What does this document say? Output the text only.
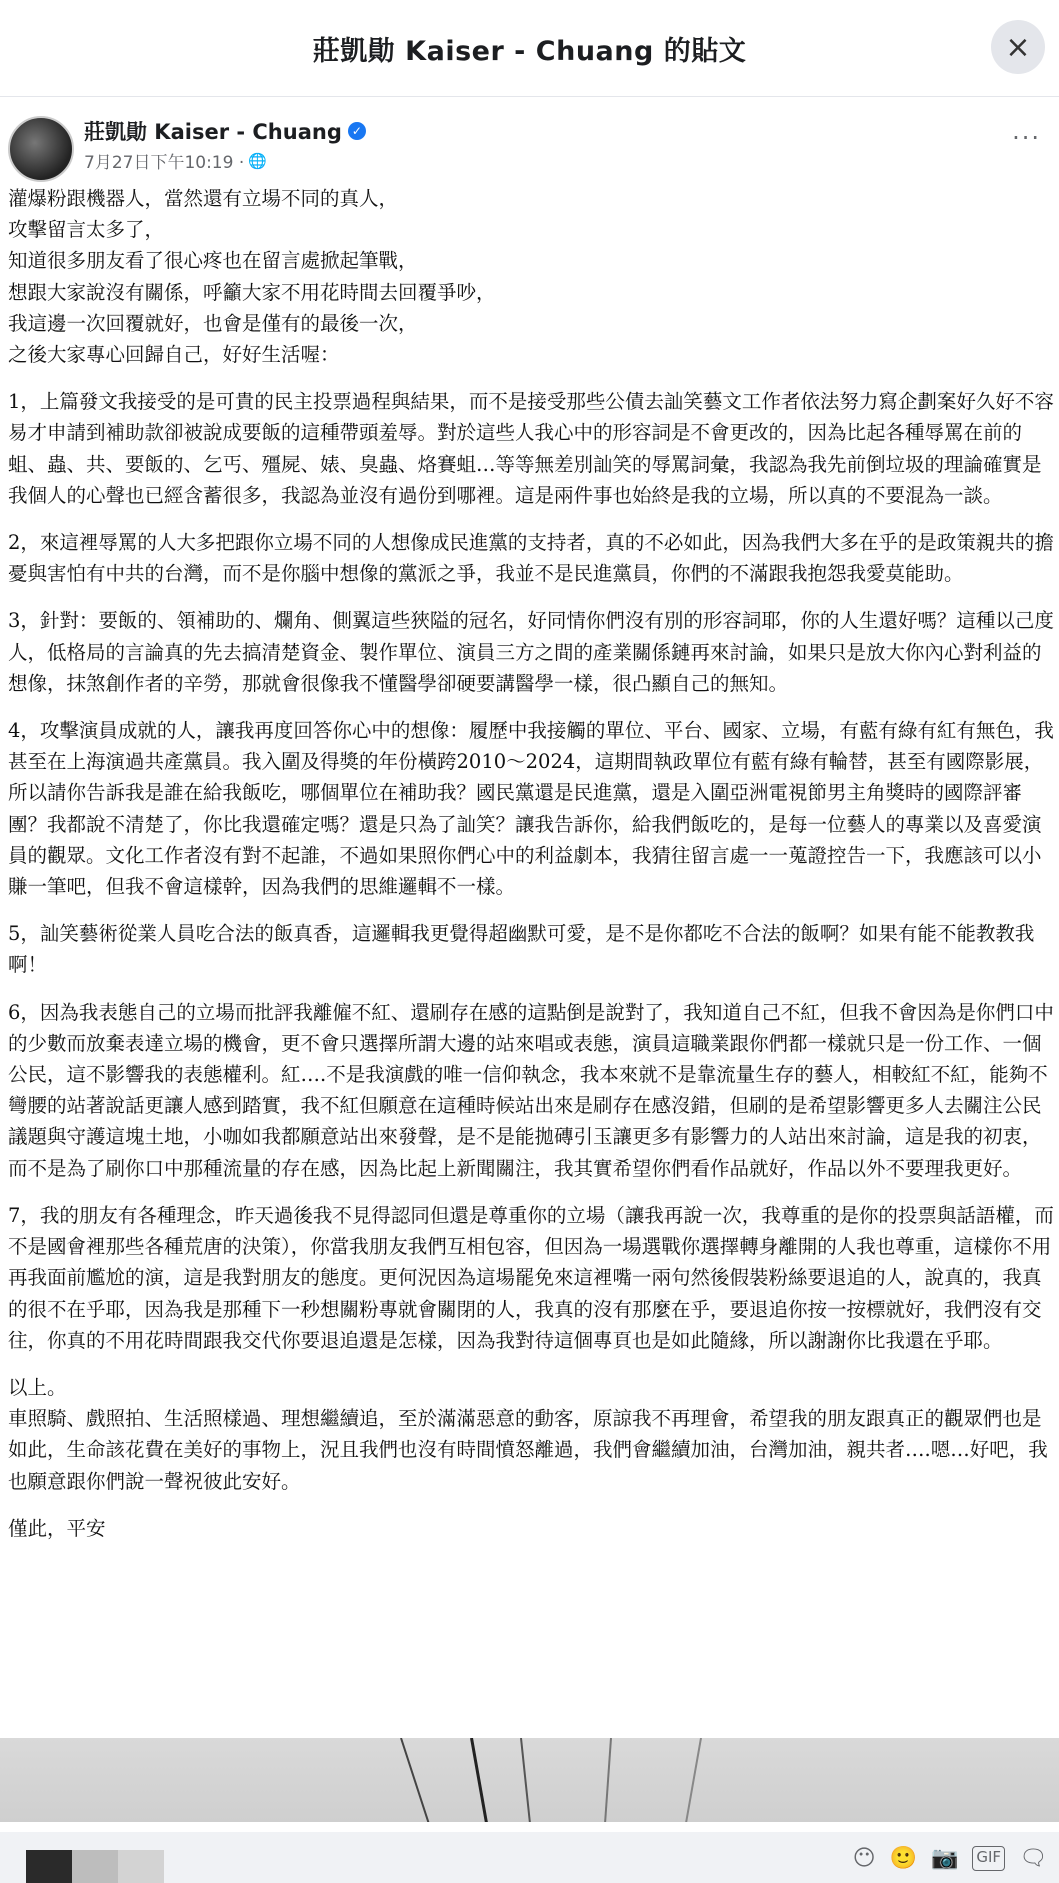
莊凱勛 Kaiser - Chuang 的貼文	×
莊凱勛 Kaiser - Chuang ✓
7月27日下午10:19 · 🌐
···

灌爆粉跟機器人，當然還有立場不同的真人，

攻擊留言太多了，

知道很多朋友看了很心疼也在留言處掀起筆戰，

想跟大家說沒有關係，呼籲大家不用花時間去回覆爭吵，

我這邊一次回覆就好，也會是僅有的最後一次，

之後大家專心回歸自己，好好生活喔：

1，上篇發文我接受的是可貴的民主投票過程與結果，而不是接受那些公債去訕笑藝文工作者依法努力寫企劃案好久好不容易才申請到補助款卻被說成要飯的這種帶頭羞辱。對於這些人我心中的形容詞是不會更改的，因為比起各種辱罵在前的蛆、蟲、共、要飯的、乞丐、殭屍、婊、臭蟲、烙賽蛆…等等無差別訕笑的辱罵詞彙，我認為我先前倒垃圾的理論確實是我個人的心聲也已經含蓄很多，我認為並沒有過份到哪裡。這是兩件事也始終是我的立場，所以真的不要混為一談。

2，來這裡辱罵的人大多把跟你立場不同的人想像成民進黨的支持者，真的不必如此，因為我們大多在乎的是政策親共的擔憂與害怕有中共的台灣，而不是你腦中想像的黨派之爭，我並不是民進黨員，你們的不滿跟我抱怨我愛莫能助。

3，針對：要飯的、領補助的、爛角、側翼這些狹隘的冠名，好同情你們沒有別的形容詞耶，你的人生還好嗎？這種以己度人，低格局的言論真的先去搞清楚資金、製作單位、演員三方之間的產業關係鏈再來討論，如果只是放大你內心對利益的想像，抹煞創作者的辛勞，那就會很像我不懂醫學卻硬要講醫學一樣，很凸顯自己的無知。

4，攻擊演員成就的人，讓我再度回答你心中的想像：履歷中我接觸的單位、平台、國家、立場，有藍有綠有紅有無色，我甚至在上海演過共產黨員。我入圍及得獎的年份橫跨2010～2024，這期間執政單位有藍有綠有輪替，甚至有國際影展，所以請你告訴我是誰在給我飯吃，哪個單位在補助我？國民黨還是民進黨，還是入圍亞洲電視節男主角獎時的國際評審團？我都說不清楚了，你比我還確定嗎？還是只為了訕笑？讓我告訴你，給我們飯吃的，是每一位藝人的專業以及喜愛演員的觀眾。文化工作者沒有對不起誰，不過如果照你們心中的利益劇本，我猜往留言處一一蒐證控告一下，我應該可以小賺一筆吧，但我不會這樣幹，因為我們的思維邏輯不一樣。

5，訕笑藝術從業人員吃合法的飯真香，這邏輯我更覺得超幽默可愛，是不是你都吃不合法的飯啊？如果有能不能教教我啊！

6，因為我表態自己的立場而批評我離僱不紅、還刷存在感的這點倒是說對了，我知道自己不紅，但我不會因為是你們口中的少數而放棄表達立場的機會，更不會只選擇所謂大邊的站來唱或表態，演員這職業跟你們都一樣就只是一份工作、一個公民，這不影響我的表態權利。紅….不是我演戲的唯一信仰執念，我本來就不是靠流量生存的藝人，相較紅不紅，能夠不彎腰的站著說話更讓人感到踏實，我不紅但願意在這種時候站出來是刷存在感沒錯，但刷的是希望影響更多人去關注公民議題與守護這塊土地，小咖如我都願意站出來發聲，是不是能拋磚引玉讓更多有影響力的人站出來討論，這是我的初衷，而不是為了刷你口中那種流量的存在感，因為比起上新聞關注，我其實希望你們看作品就好，作品以外不要理我更好。

7，我的朋友有各種理念，昨天過後我不見得認同但還是尊重你的立場（讓我再說一次，我尊重的是你的投票與話語權，而不是國會裡那些各種荒唐的決策），你當我朋友我們互相包容，但因為一場選戰你選擇轉身離開的人我也尊重，這樣你不用再我面前尷尬的演，這是我對朋友的態度。更何況因為這場罷免來這裡嘴一兩句然後假裝粉絲要退追的人，說真的，我真的很不在乎耶，因為我是那種下一秒想關粉專就會關閉的人，我真的沒有那麼在乎，要退追你按一按標就好，我們沒有交往，你真的不用花時間跟我交代你要退追還是怎樣，因為我對待這個專頁也是如此隨緣，所以謝謝你比我還在乎耶。

以上。

車照騎、戲照拍、生活照樣過、理想繼續追，至於滿滿惡意的動客，原諒我不再理會，希望我的朋友跟真正的觀眾們也是如此，生命該花費在美好的事物上，況且我們也沒有時間憤怒離過，我們會繼續加油，台灣加油，親共者….嗯…好吧，我也願意跟你們說一聲祝彼此安好。

僅此，平安

😶 🙂 📷 GIF 🗨
